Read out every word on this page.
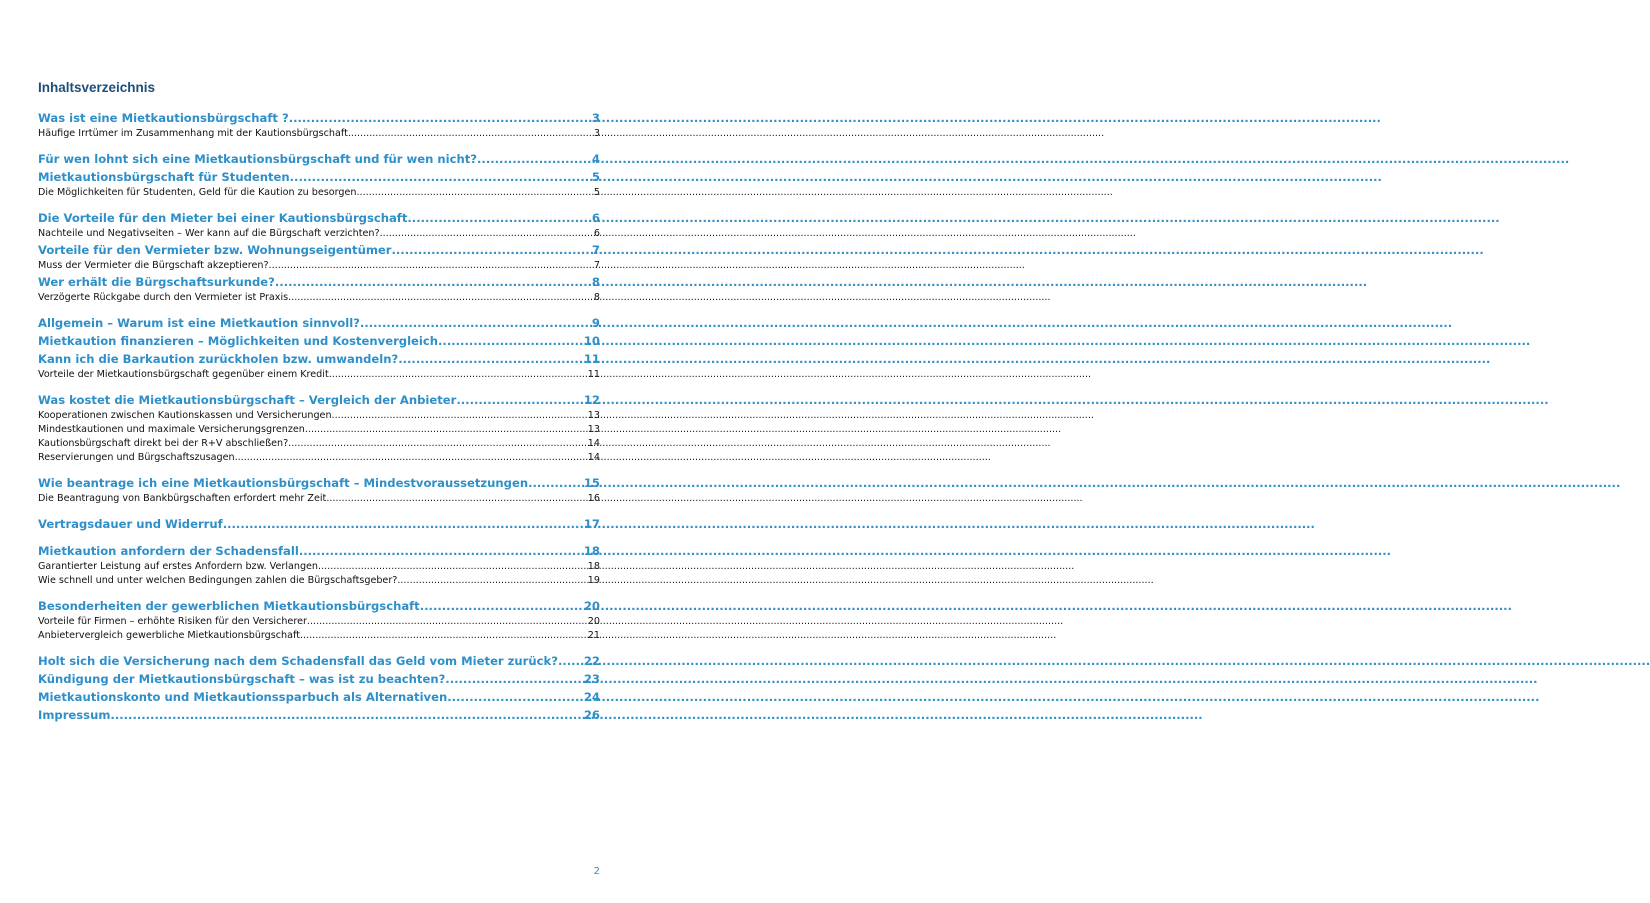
Inhaltsverzeichnis
Was ist eine Mietkautionsbürgschaft ? .....	3
Häufige Irrtümer im Zusammenhang mit der Kautionsbürgschaft .....	3
Für wen lohnt sich eine Mietkautionsbürgschaft und für wen nicht? .....	4
Mietkautionsbürgschaft für Studenten .....	5
Die Möglichkeiten für Studenten, Geld für die Kaution zu besorgen .....	5
Die Vorteile für den Mieter bei einer Kautionsbürgschaft .....	6
Nachteile und Negativseiten – Wer kann auf die Bürgschaft verzichten? .....	6
Vorteile für den Vermieter bzw. Wohnungseigentümer .....	7
Muss der Vermieter die Bürgschaft akzeptieren? .....	7
Wer erhält die Bürgschaftsurkunde? .....	8
Verzögerte Rückgabe durch den Vermieter ist Praxis.. .....	8
Allgemein – Warum ist eine Mietkaution sinnvoll? .....	9
Mietkaution finanzieren – Möglichkeiten und Kostenvergleich .....	10
Kann ich die Barkaution zurückholen bzw. umwandeln? .....	11
Vorteile der Mietkautionsbürgschaft gegenüber einem Kredit.. .....	11
Was kostet die Mietkautionsbürgschaft – Vergleich der Anbieter .....	12
Kooperationen zwischen Kautionskassen und Versicherungen.. .....	13
Mindestkautionen und maximale Versicherungsgrenzen .....	13
Kautionsbürgschaft direkt bei der R+V abschließen?.. .....	14
Reservierungen und Bürgschaftszusagen .....	14
Wie beantrage ich eine Mietkautionsbürgschaft – Mindestvoraussetzungen .....	15
Die Beantragung von Bankbürgschaften erfordert mehr Zeit .....	16
Vertragsdauer und Widerruf .....	17
Mietkaution anfordern der Schadensfall .....	18
Garantierter Leistung auf erstes Anfordern bzw. Verlangen .....	18
Wie schnell und unter welchen Bedingungen zahlen die Bürgschaftsgeber? .....	19
Besonderheiten der gewerblichen Mietkautionsbürgschaft .....	20
Vorteile für Firmen – erhöhte Risiken für den Versicherer .....	20
Anbietervergleich gewerbliche Mietkautionsbürgschaft .....	21
Holt sich die Versicherung nach dem Schadensfall das Geld vom Mieter zurück? ..... 22
Kündigung der Mietkautionsbürgschaft – was ist zu beachten? .....	23
Mietkautionskonto und Mietkautionssparbuch als Alternativen .....	24
Impressum .....	26
2
